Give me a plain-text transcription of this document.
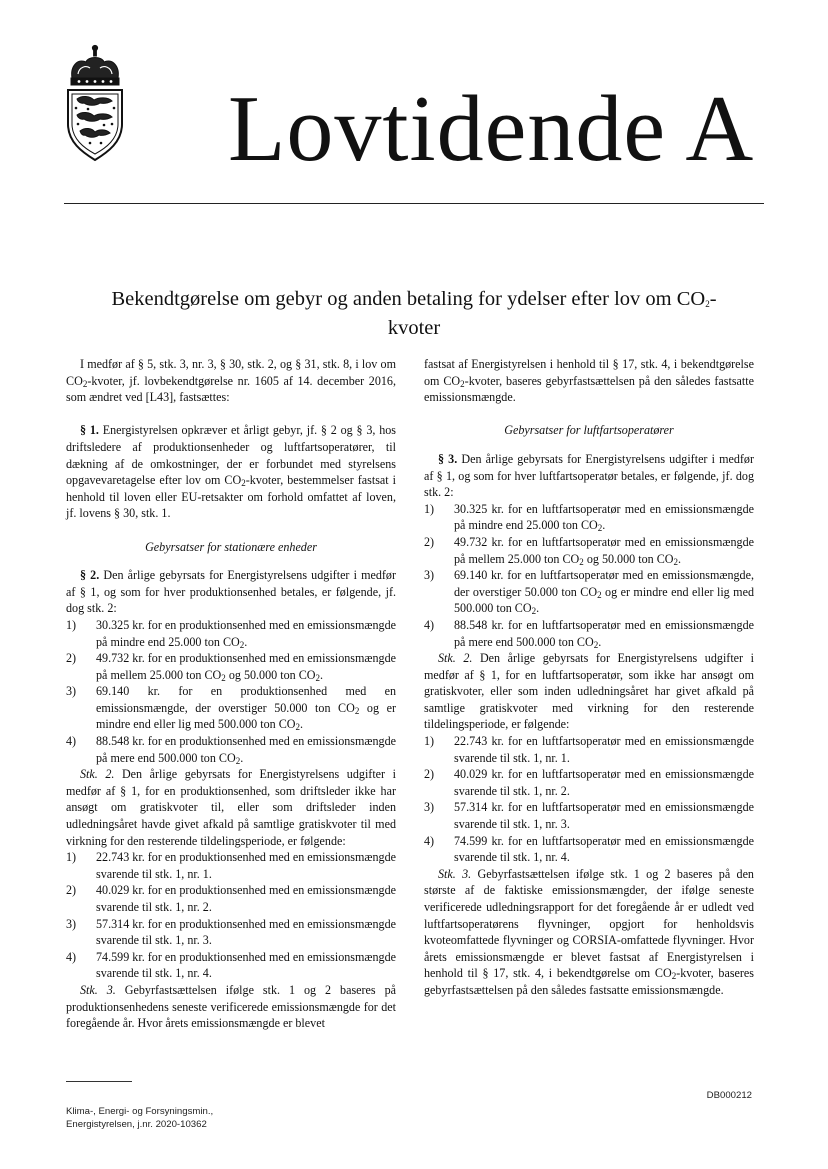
Lovtidende A
Bekendtgørelse om gebyr og anden betaling for ydelser efter lov om $CO_2-$
kvoter

I medfør af § 5, stk. 3, nr. 3, § 30, stk. 2, og § 31, stk. 8, i lov om $CO_2$-kvoter, jf. lovbekendtgørelse nr. 1605 af 14. december 2016, som ændret ved [L43], fastsættes:

§ 1. Energistyrelsen opkræver et årligt gebyr, jf. § 2 og § 3, hos driftsledere af produktionsenheder og luftfartsoperatører, til dækning af de omkostninger, der er forbundet med styrelsens opgavevaretagelse efter lov om $CO_2$-kvoter, bestemmelser fastsat i henhold til loven eller EU-retsakter om forhold omfattet af loven, jf. lovens § 30, stk. 1.

Gebyrsatser for stationære enheder

§ 2. Den årlige gebyrsats for Energistyrelsens udgifter i medfør af § 1, og som for hver produktionsenhed betales, er følgende, jf. dog stk. 2:

1)	30.325 kr. for en produktionsenhed med en emissionsmængde på mindre end 25.000 ton $CO_2$.
2)	49.732 kr. for en produktionsenhed med en emissionsmængde på mellem 25.000 ton $CO_2$ og 50.000 ton $CO_2$.
3)	69.140 kr. for en produktionsenhed med en emissionsmængde, der overstiger 50.000 ton $CO_2$ og er mindre end eller lig med 500.000 ton $CO_2$.
4)	88.548 kr. for en produktionsenhed med en emissionsmængde på mere end 500.000 ton $CO_2$.

Stk. 2. Den årlige gebyrsats for Energistyrelsens udgifter i medfør af § 1, for en produktionsenhed, som driftsleder ikke har ansøgt om gratiskvoter til, eller som driftsleder inden udledningsåret havde givet afkald på samtlige gratiskvoter til med virkning for den resterende tildelingsperiode, er følgende:

1)	22.743 kr. for en produktionsenhed med en emissionsmængde svarende til stk. 1, nr. 1.
2)	40.029 kr. for en produktionsenhed med en emissionsmængde svarende til stk. 1, nr. 2.
3)	57.314 kr. for en produktionsenhed med en emissionsmængde svarende til stk. 1, nr. 3.
4)	74.599 kr. for en produktionsenhed med en emissionsmængde svarende til stk. 1, nr. 4.

Stk. 3. Gebyrfastsættelsen ifølge stk. 1 og 2 baseres på produktionsenhedens seneste verificerede emissionsmængde for det foregående år. Hvor årets emissionsmængde er blevet

fastsat af Energistyrelsen i henhold til § 17, stk. 4, i bekendtgørelse om $CO_2$-kvoter, baseres gebyrfastsættelsen på den således fastsatte emissionsmængde.

Gebyrsatser for luftfartsoperatører

§ 3. Den årlige gebyrsats for Energistyrelsens udgifter i medfør af § 1, og som for hver luftfartsoperatør betales, er følgende, jf. dog stk. 2:

1)	30.325 kr. for en luftfartsoperatør med en emissionsmængde på mindre end 25.000 ton $CO_2$.
2)	49.732 kr. for en luftfartsoperatør med en emissionsmængde på mellem 25.000 ton $CO_2$ og 50.000 ton $CO_2$.
3)	69.140 kr. for en luftfartsoperatør med en emissionsmængde, der overstiger 50.000 ton $CO_2$ og er mindre end eller lig med 500.000 ton $CO_2$.
4)	88.548 kr. for en luftfartsoperatør med en emissionsmængde på mere end 500.000 ton $CO_2$.

Stk. 2. Den årlige gebyrsats for Energistyrelsens udgifter i medfør af § 1, for en luftfartsoperatør, som ikke har ansøgt om gratiskvoter, eller som inden udledningsåret har givet afkald på samtlige gratiskvoter med virkning for den resterende tildelingsperiode, er følgende:

1)	22.743 kr. for en luftfartsoperatør med en emissionsmængde svarende til stk. 1, nr. 1.
2)	40.029 kr. for en luftfartsoperatør med en emissionsmængde svarende til stk. 1, nr. 2.
3)	57.314 kr. for en luftfartsoperatør med en emissionsmængde svarende til stk. 1, nr. 3.
4)	74.599 kr. for en luftfartsoperatør med en emissionsmængde svarende til stk. 1, nr. 4.

Stk. 3. Gebyrfastsættelsen ifølge stk. 1 og 2 baseres på den største af de faktiske emissionsmængder, der ifølge seneste verificerede udledningsrapport for det foregående år er udledt ved luftfartsoperatørens flyvninger, opgjort for henholdsvis kvoteomfattede flyvninger og CORSIA-omfattede flyvninger. Hvor årets emissionsmængde er blevet fastsat af Energistyrelsen i henhold til § 17, stk. 4, i bekendtgørelse om $CO_2$-kvoter, baseres gebyrfastsættelsen på den således fastsatte emissionsmængde.

DB000212
Klima-, Energi- og Forsyningsmin.,
Energistyrelsen, j.nr. 2020-10362
